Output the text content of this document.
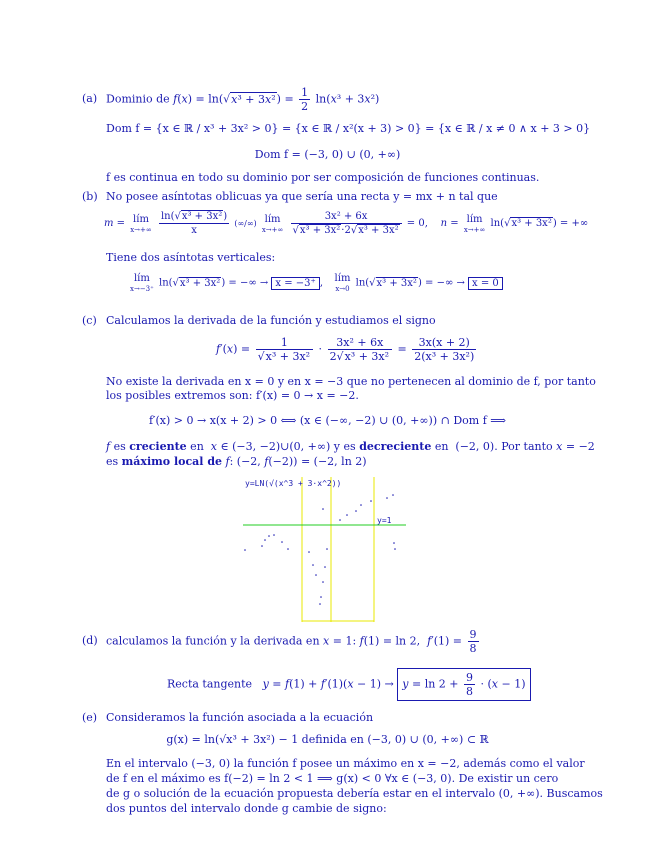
(a) Dominio de $f(x) = \ln(√x^3 + 3x^2) = \frac{1}{2} \ln(x^3 + 3x^2)$
Dom f = {x ∈ ℝ / x³ + 3x² > 0} = {x ∈ ℝ / x²(x + 3) > 0} = {x ∈ ℝ / x ≠ 0 ∧ x + 3 > 0}
Dom f = (−3, 0) ∪ (0, +∞)
f es continua en todo su dominio por ser composición de funciones continuas.
(b) No posee asíntotas oblicuas ya que sería una recta y = mx + n tal que
m = lím
x→+∞
$\frac{\text{ln(√x³ + 3x²)}}{x}$ (∞/∞) lím
x→+∞
$\frac{\text{3x² + 6x}}{\text{√x³ + 3x²·2√x³ + 3x²}} = 0$,    n = lím
x→+∞
ln(√x³ + 3x²) = +∞
Tiene dos asíntotas verticales:
lím
x→−3⁺
ln(√x³ + 3x²) = −∞ → x = −3⁺ , lím
x→0
ln(√x³ + 3x²) = −∞ → x = 0
(c) Calculamos la derivada de la función y estudiamos el signo
$f'(x) = \frac{1}{\text{√x³ + 3x²}} \cdot \frac{\text{3x² + 6x}}{\text{2√x³ + 3x²}} = \frac{3x(x + 2)}{\text{2(x³ + 3x²)}}$
No existe la derivada en x = 0 y en x = −3 que no pertenecen al dominio de f, por tanto
los posibles extremos son: f′(x) = 0 → x = −2.
f′(x) > 0 → x(x + 2) > 0 ⟺ (x ∈ (−∞, −2) ∪ (0, +∞)) ∩ Dom f ⟹
f es creciente en  x ∈ (−3, −2)∪(0, +∞) y es decreciente en  (−2, 0). Por tanto x = −2
es máximo local de f: (−2, f(−2)) = (−2, ln 2)
y=LN(√(x^3 + 3·x^2))
y=1
(d) calculamos la función y la derivada en x = 1: f(1) = ln 2,  $f'(1) = \frac{9}{8}$
Recta tangente $y = f(1) + f'(1)(x - 1) \to y = \ln 2 + \frac{9}{8} \cdot (x - 1)$
(e) Consideramos la función asociada a la ecuación
g(x) = ln(√x³ + 3x²) − 1 definida en (−3, 0) ∪ (0, +∞) ⊂ ℝ
En el intervalo (−3, 0) la función f posee un máximo en x = −2, además como el valor
de f en el máximo es f(−2) = ln 2 < 1 ⟹ g(x) < 0 ∀x ∈ (−3, 0). De existir un cero
de g o solución de la ecuación propuesta debería estar en el intervalo (0, +∞). Buscamos
dos puntos del intervalo donde g cambie de signo:
